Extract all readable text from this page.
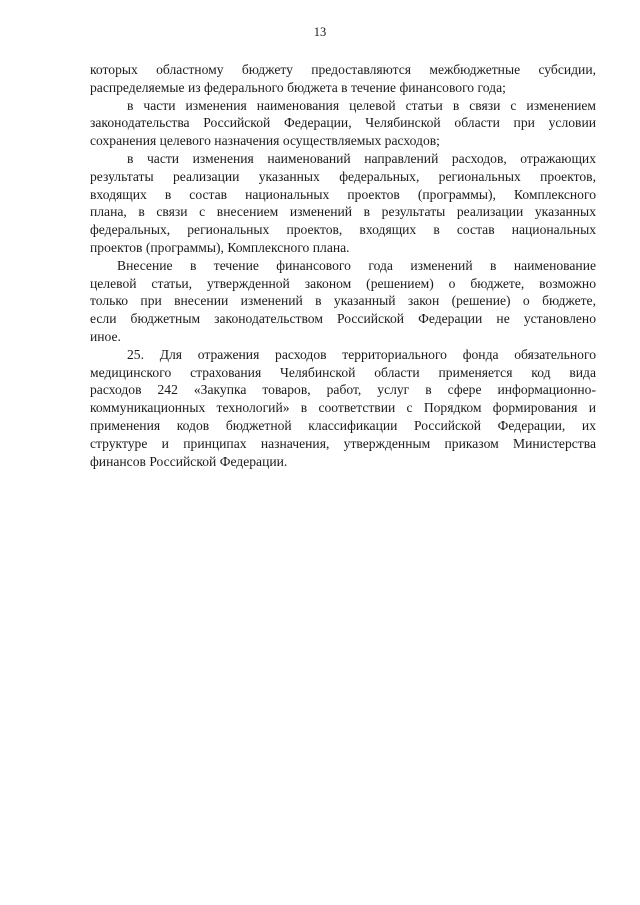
13

которых областному бюджету предоставляются межбюджетные субсидии,
распределяемые из федерального бюджета в течение финансового года;

в части изменения наименования целевой статьи в связи с изменением
законодательства Российской Федерации, Челябинской области при условии
сохранения целевого назначения осуществляемых расходов;

в части изменения наименований направлений расходов, отражающих
результаты реализации указанных федеральных, региональных проектов,
входящих в состав национальных проектов (программы), Комплексного
плана, в связи с внесением изменений в результаты реализации указанных
федеральных, региональных проектов, входящих в состав национальных
проектов (программы), Комплексного плана.

Внесение в течение финансового года изменений в наименование
целевой статьи, утвержденной законом (решением) о бюджете, возможно
только при внесении изменений в указанный закон (решение) о бюджете,
если бюджетным законодательством Российской Федерации не установлено
иное.

25. Для отражения расходов территориального фонда обязательного
медицинского страхования Челябинской области применяется код вида
расходов 242 «Закупка товаров, работ, услуг в сфере информационно-
коммуникационных технологий» в соответствии с Порядком формирования и
применения кодов бюджетной классификации Российской Федерации, их
структуре и принципах назначения, утвержденным приказом Министерства
финансов Российской Федерации.
